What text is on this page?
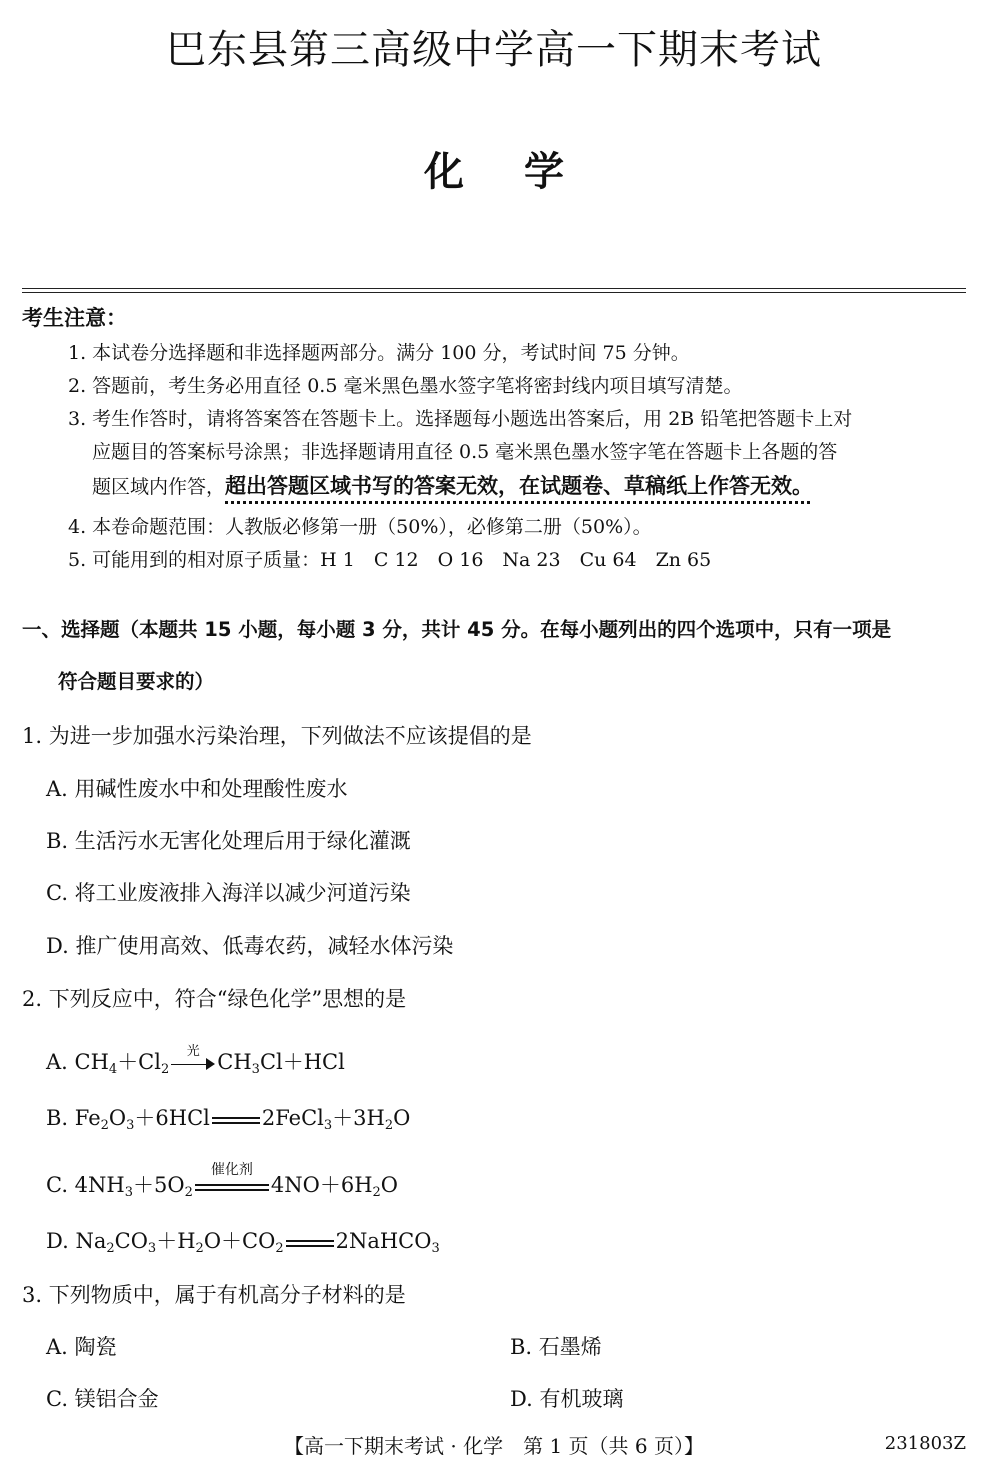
巴东县第三高级中学高一下期末考试
化学
考生注意：
1. 本试卷分选择题和非选择题两部分。满分 100 分，考试时间 75 分钟。
2. 答题前，考生务必用直径 0.5 毫米黑色墨水签字笔将密封线内项目填写清楚。
3. 考生作答时，请将答案答在答题卡上。选择题每小题选出答案后，用 2B 铅笔把答题卡上对
应题目的答案标号涂黑；非选择题请用直径 0.5 毫米黑色墨水签字笔在答题卡上各题的答
题区域内作答，超出答题区域书写的答案无效，在试题卷、草稿纸上作答无效。
4. 本卷命题范围：人教版必修第一册（50%），必修第二册（50%）。
5. 可能用到的相对原子质量：H 1　C 12　O 16　Na 23　Cu 64　Zn 65
一、选择题（本题共 15 小题，每小题 3 分，共计 45 分。在每小题列出的四个选项中，只有一项是
符合题目要求的）
1. 为进一步加强水污染治理，下列做法不应该提倡的是
A. 用碱性废水中和处理酸性废水
B. 生活污水无害化处理后用于绿化灌溉
C. 将工业废液排入海洋以减少河道污染
D. 推广使用高效、低毒农药，减轻水体污染
2. 下列反应中，符合“绿色化学”思想的是
A. $CH_4+Cl_2$
光 $CH_3Cl+HCl$
B. $Fe_2O_3+6HCl$ $2FeCl_3+3H_2O$
C. $4NH_3+5O_2$
催化剂
$4NO+6H_2O$
D. $Na_2CO_3+H_2O+CO_2$ 2NaHCO$_3$
3. 下列物质中，属于有机高分子材料的是
A. 陶瓷	B. 石墨烯
C. 镁铝合金	D. 有机玻璃
【高一下期末考试 · 化学　第 1 页（共 6 页）】	231803Z
